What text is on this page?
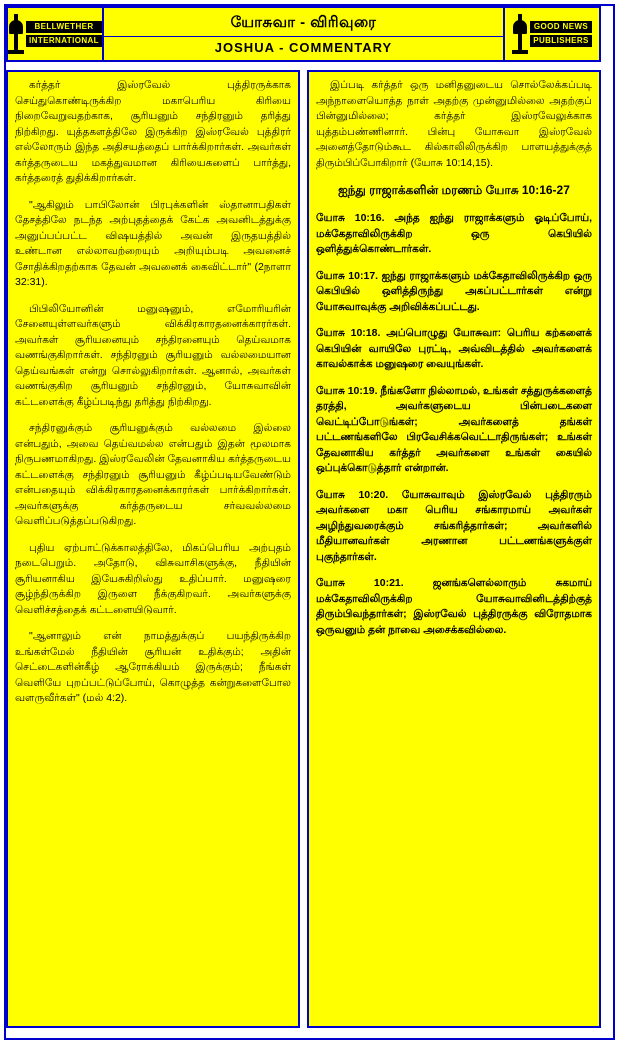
BELLWETHER
INTERNATIONAL
யோசுவா - விரிவுரை
JOSHUA - COMMENTARY
GOOD NEWS
PUBLISHERS

கர்த்தர் இஸ்ரவேல் புத்திரருக்காக செய்துகொண்டிருக்கிற மகாபெரிய கிரியை நிறைவேறுவதற்காக, சூரியனும் சந்திரனும் தரித்து நிற்கிறது. யுத்தகளத்திலே இருக்கிற இஸ்ரவேல் புத்திரர் எல்லோரும் இந்த அதிசயத்தைப் பார்க்கிறார்கள். அவர்கள் கர்த்தருடைய மகத்துவமான கிரியைகளைப் பார்த்து, கர்த்தரைத் துதிக்கிறார்கள்.

"ஆகிலும் பாபிலோன் பிரபுக்களின் ஸ்தானாபதிகள் தேசத்திலே நடந்த அற்புதத்தைக் கேட்க அவனிடத்துக்கு அனுப்பப்பட்ட விஷயத்தில் அவன் இருதயத்தில் உண்டான எல்லாவற்றையும் அறியும்படி அவனைச் சோதிக்கிறதற்காக தேவன் அவனைக் கைவிட்டார்" (2நாளா 32:31).

பிபிலியோனின் மனுஷனும், எமோரியரின் சேனையுள்ளவர்களும் விக்கிரகாரதனைக்காரர்கள். அவர்கள் சூரியனையும் சந்திரனையும் தெய்வமாக வணங்குகிறார்கள். சந்திரனும் சூரியனும் வல்லமையான தெய்வங்கள் என்று சொல்லுகிறார்கள். ஆனால், அவர்கள் வணங்குகிற சூரியனும் சந்திரனும், யோசுவாவின் கட்டளைக்கு கீழ்ப்படிந்து தரித்து நிற்கிறது.

சந்திரனுக்கும் சூரியனுக்கும் வல்லமை இல்லை என்பதும், அவை தெய்வமல்ல என்பதும் இதன் மூலமாக நிருபணமாகிறது. இஸ்ரவேலின் தேவனாகிய கர்த்தருடைய கட்டளைக்கு சந்திரனும் சூரியனும் கீழ்ப்படியவேண்டும் என்பதையும் விக்கிரகாரதனைக்காரர்கள் பார்க்கிறார்கள். அவர்களுக்கு கர்த்தருடைய சர்வவல்லமை வெளிப்படுத்தப்படுகிறது.

புதிய ஏற்பாட்டுக்காலத்திலே, மிகப்பெரிய அற்புதம் நடைபெறும். அதோடு, விசுவாசிகளுக்கு, நீதியின் சூரியனாகிய இயேசுகிறிஸ்து உதிப்பார். மனுஷரை சூழ்ந்திருக்கிற இருளை நீக்குகிறவர். அவர்களுக்கு வெளிச்சத்தைக் கட்டளையிடுவார்.

"ஆனாலும் என் நாமத்துக்குப் பயந்திருக்கிற உங்கள்மேல் நீதியின் சூரியன் உதிக்கும்; அதின் செட்டைகளின்கீழ் ஆரோக்கியம் இருக்கும்; நீங்கள் வெளியே புறப்பட்டுப்போய், கொழுத்த கன்றுகளைபோல வளருவீர்கள்" (மல் 4:2).

இப்படி கர்த்தர் ஒரு மனிதனுடைய சொல்லேக்கப்படி அந்நாளையொத்த நாள் அதற்கு முன்னுமில்லை அதற்குப் பின்னுமில்லை; கர்த்தர் இஸ்ரவேலுக்காக யுத்தம்பண்ணினார். பின்பு யோசுவா இஸ்ரவேல் அனைத்தோடும்கூட கில்காலிலிருக்கிற பாளயத்துக்குத் திரும்பிப்போகிறார் (யோசு 10:14,15).

ஐந்து ராஜாக்களின் மரணம் யோசு 10:16-27

யோசு 10:16. அந்த ஐந்து ராஜாக்களும் ஓடிப்போய், மக்கேதாவிலிருக்கிற ஒரு கெபியில் ஒளித்துக்கொண்டார்கள்.

யோசு 10:17. ஐந்து ராஜாக்களும் மக்கேதாவிலிருக்கிற ஒரு கெபியில் ஒளித்திருந்து அகப்பட்டார்கள் என்று யோசுவாவுக்கு அறிவிக்கப்பட்டது.

யோசு 10:18. அப்பொழுது யோசுவா: பெரிய கற்களைக் கெபியின் வாயிலே புரட்டி, அவ்விடத்தில் அவர்களைக் காவல்காக்க மனுஷரை வையுங்கள்.

யோசு 10:19. நீங்களோ நில்லாமல், உங்கள் சத்துருக்களைத் தரத்தி, அவர்களுடைய பின்படைகளை வெட்டிப்போடுங்கள்; அவர்களைத் தங்கள் பட்டணங்களிலே பிரவேசிக்கவெட்டாதிருங்கள்; உங்கள் தேவனாகிய கர்த்தர் அவர்களை உங்கள் கையில் ஒப்புக்கொடுத்தார் என்றான்.

யோசு 10:20. யோசுவாவும் இஸ்ரவேல் புத்திரரும் அவர்களை மகா பெரிய சங்காரமாய் அவர்கள் அழிந்துவரைக்கும் சங்கரித்தார்கள்; அவர்களில் மீதியானவர்கள் அரணான பட்டணங்களுக்குள் புகுந்தார்கள்.

யோசு 10:21. ஜனங்களெல்லாரும் சுகமாய் மக்கேதாவிலிருக்கிற யோசுவாவினிடத்திற்குத் திரும்பிவந்தார்கள்; இஸ்ரவேல் புத்திரருக்கு விரோதமாக ஒருவனும் தன் நாவை அசைக்கவில்லை.
